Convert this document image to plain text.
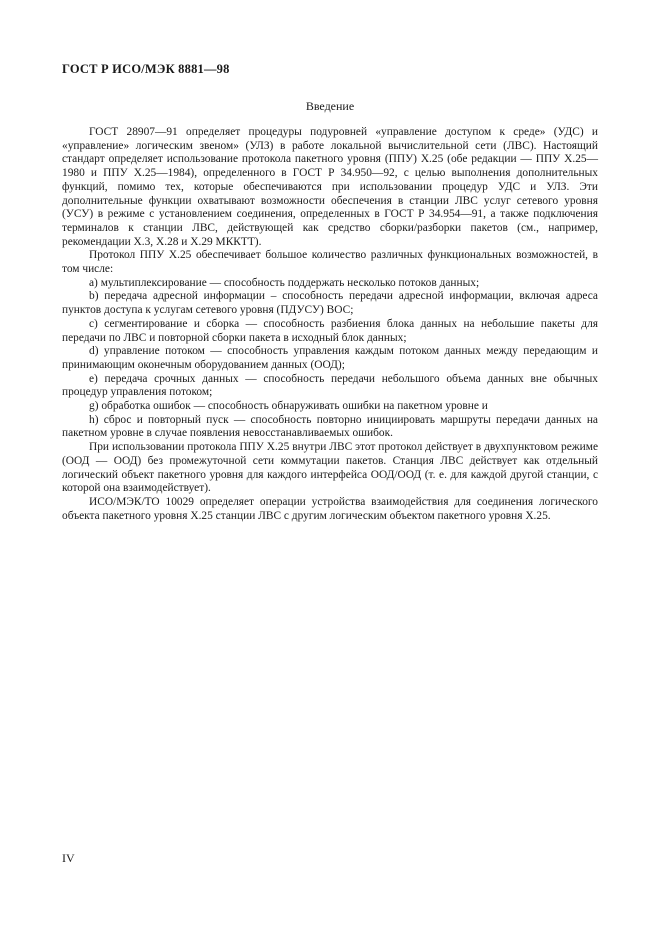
ГОСТ Р ИСО/МЭК 8881—98
Введение

ГОСТ 28907—91 определяет процедуры подуровней «управление доступом к среде» (УДС) и «управление» логическим звеном» (УЛЗ) в работе локальной вычислительной сети (ЛВС). Настоящий стандарт определяет использование протокола пакетного уровня (ППУ) Х.25 (обе редакции — ППУ Х.25—1980 и ППУ Х.25—1984), определенного в ГОСТ Р 34.950—92, с целью выполнения дополнительных функций, помимо тех, которые обеспечиваются при использовании процедур УДС и УЛЗ. Эти дополнительные функции охватывают возможности обеспечения в станции ЛВС услуг сетевого уровня (УСУ) в режиме с установлением соединения, определенных в ГОСТ Р 34.954—91, а также подключения терминалов к станции ЛВС, действующей как средство сборки/разборки пакетов (см., например, рекомендации Х.3, Х.28 и Х.29 МККТТ).

Протокол ППУ Х.25 обеспечивает большое количество различных функциональных возможностей, в том числе:

a) мультиплексирование — способность поддержать несколько потоков данных;

b) передача адресной информации – способность передачи адресной информации, включая адреса пунктов доступа к услугам сетевого уровня (ПДУСУ) ВОС;

c) сегментирование и сборка — способность разбиения блока данных на небольшие пакеты для передачи по ЛВС и повторной сборки пакета в исходный блок данных;

d) управление потоком — способность управления каждым потоком данных между передающим и принимающим оконечным оборудованием данных (ООД);

e) передача срочных данных — способность передачи небольшого объема данных вне обычных процедур управления потоком;

g) обработка ошибок — способность обнаруживать ошибки на пакетном уровне и

h) сброс и повторный пуск — способность повторно инициировать маршруты передачи данных на пакетном уровне в случае появления невосстанавливаемых ошибок.

При использовании протокола ППУ Х.25 внутри ЛВС этот протокол действует в двухпунктовом режиме (ООД — ООД) без промежуточной сети коммутации пакетов. Станция ЛВС действует как отдельный логический объект пакетного уровня для каждого интерфейса ООД/ООД (т. е. для каждой другой станции, с которой она взаимодействует).

ИСО/МЭК/ТО 10029 определяет операции устройства взаимодействия для соединения логического объекта пакетного уровня Х.25 станции ЛВС с другим логическим объектом пакетного уровня Х.25.

IV
